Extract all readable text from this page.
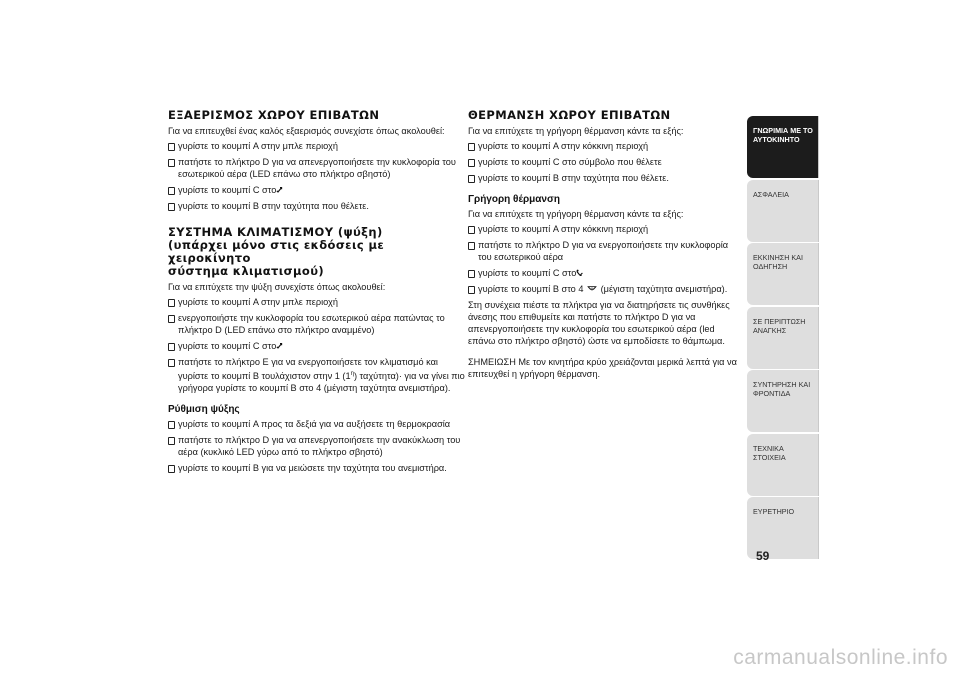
ΕΞΑΕΡΙΣΜΟΣ ΧΩΡΟΥ ΕΠΙΒΑΤΩΝ

Για να επιτευχθεί ένας καλός εξαερισμός συνεχίστε όπως ακολουθεί:

γυρίστε το κουμπί A στην μπλε περιοχή
πατήστε το πλήκτρο D για να απενεργοποιήσετε την κυκλοφορία του εσωτερικού αέρα (LED επάνω στο πλήκτρο σβηστό)
γυρίστε το κουμπί C στο
γυρίστε το κουμπί B στην ταχύτητα που θέλετε.
ΣΥΣΤΗΜΑ ΚΛΙΜΑΤΙΣΜΟΥ (ψύξη)
(υπάρχει μόνο στις εκδόσεις με χειροκίνητο
σύστημα κλιματισμού)

Για να επιτύχετε την ψύξη συνεχίστε όπως ακολουθεί:

γυρίστε το κουμπί A στην μπλε περιοχή
ενεργοποιήστε την κυκλοφορία του εσωτερικού αέρα πατώντας το πλήκτρο D (LED επάνω στο πλήκτρο αναμμένο)
γυρίστε το κουμπί C στο
πατήστε το πλήκτρο E για να ενεργοποιήσετε τον κλιματισμό και γυρίστε το κουμπί B τουλάχιστον στην 1 $(1^\eta)$ ταχύτητα)· για να γίνει πιο γρήγορα γυρίστε το κουμπί B στο 4 (μέγιστη ταχύτητα ανεμιστήρα).
Ρύθμιση ψύξης
γυρίστε το κουμπί A προς τα δεξιά για να αυξήσετε τη θερμοκρασία
πατήστε το πλήκτρο D για να απενεργοποιήσετε την ανακύκλωση του αέρα (κυκλικό LED γύρω από το πλήκτρο σβηστό)
γυρίστε το κουμπί B για να μειώσετε την ταχύτητα του ανεμιστήρα.
ΘΕΡΜΑΝΣΗ ΧΩΡΟΥ ΕΠΙΒΑΤΩΝ

Για να επιτύχετε τη γρήγορη θέρμανση κάντε τα εξής:

γυρίστε το κουμπί A στην κόκκινη περιοχή
γυρίστε το κουμπί C στο σύμβολο που θέλετε
γυρίστε το κουμπί B στην ταχύτητα που θέλετε.
Γρήγορη θέρμανση

Για να επιτύχετε τη γρήγορη θέρμανση κάντε τα εξής:

γυρίστε το κουμπί A στην κόκκινη περιοχή
πατήστε το πλήκτρο D για να ενεργοποιήσετε την κυκλοφορία του εσωτερικού αέρα
γυρίστε το κουμπί C στο
γυρίστε το κουμπί B στο 4 (μέγιστη ταχύτητα ανεμιστήρα).

Στη συνέχεια πιέστε τα πλήκτρα για να διατηρήσετε τις συνθήκες άνεσης που επιθυμείτε και πατήστε το πλήκτρο D για να απενεργοποιήσετε την κυκλοφορία του εσωτερικού αέρα (led επάνω στο πλήκτρο σβηστό) ώστε να εμποδίσετε το θάμπωμα.

ΣΗΜΕΙΩΣΗ Με τον κινητήρα κρύο χρειάζονται μερικά λεπτά για να επιτευχθεί η γρήγορη θέρμανση.

ΓΝΩΡΙΜΙΑ ΜΕ ΤΟ
ΑΥΤΟΚΙΝΗΤΟ
ΑΣΦΑΛΕΙΑ

ΕΚΚΙΝΗΣΗ ΚΑΙ
ΟΔΗΓΗΣΗ
ΣΕ ΠΕΡΙΠΤΩΣΗ
ΑΝΑΓΚΗΣ
ΣΥΝΤΗΡΗΣΗ ΚΑΙ
ΦΡΟΝΤΙΔΑ
ΤΕΧΝΙΚΑ ΣΤΟΙΧΕΙΑ

ΕΥΡΕΤΗΡΙΟ

59
carmanualsonline.info
